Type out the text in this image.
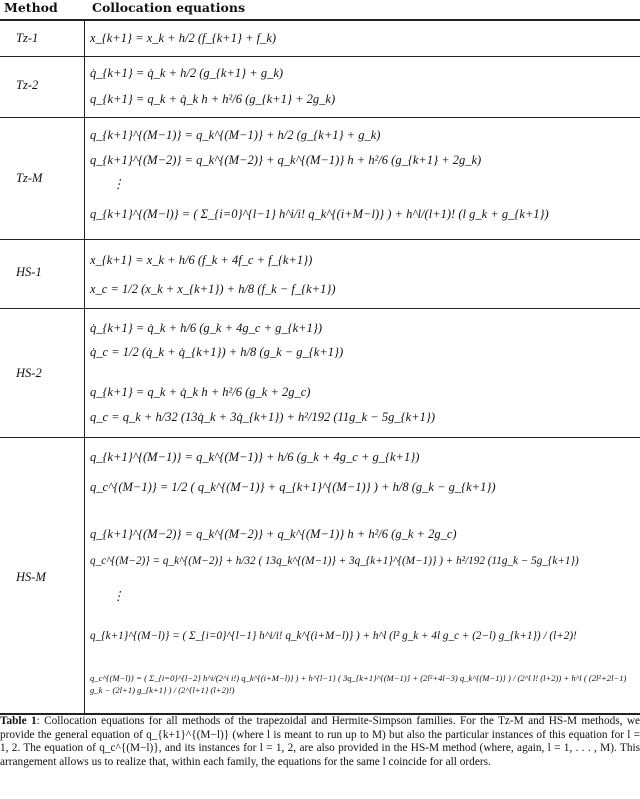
Method	Collocation equations
Tz-1
Tz-2
Tz-M
HS-1
HS-2
HS-M
x_{k+1} = x_k + h/2 (f_{k+1} + f_k)
q̇_{k+1} = q̇_k + h/2 (g_{k+1} + g_k)
q_{k+1} = q_k + q̇_k h + h²/6 (g_{k+1} + 2g_k)
q_{k+1}^{(M−1)} = q_k^{(M−1)} + h/2 (g_{k+1} + g_k)
q_{k+1}^{(M−2)} = q_k^{(M−2)} + q_k^{(M−1)} h + h²/6 (g_{k+1} + 2g_k)
⋮
q_{k+1}^{(M−l)} = ( Σ_{i=0}^{l−1} h^i/i! q_k^{(i+M−l)} ) + h^l/(l+1)! (l g_k + g_{k+1})
x_{k+1} = x_k + h/6 (f_k + 4f_c + f_{k+1})
x_c = 1/2 (x_k + x_{k+1}) + h/8 (f_k − f_{k+1})
q̇_{k+1} = q̇_k + h/6 (g_k + 4g_c + g_{k+1})
q̇_c = 1/2 (q̇_k + q̇_{k+1}) + h/8 (g_k − g_{k+1})
q_{k+1} = q_k + q̇_k h + h²/6 (g_k + 2g_c)
q_c = q_k + h/32 (13q̇_k + 3q̇_{k+1}) + h²/192 (11g_k − 5g_{k+1})
q_{k+1}^{(M−1)} = q_k^{(M−1)} + h/6 (g_k + 4g_c + g_{k+1})
q_c^{(M−1)} = 1/2 ( q_k^{(M−1)} + q_{k+1}^{(M−1)} ) + h/8 (g_k − g_{k+1})
q_{k+1}^{(M−2)} = q_k^{(M−2)} + q_k^{(M−1)} h + h²/6 (g_k + 2g_c)
q_c^{(M−2)} = q_k^{(M−2)} + h/32 ( 13q_k^{(M−1)} + 3q_{k+1}^{(M−1)} ) + h²/192 (11g_k − 5g_{k+1})
⋮
q_{k+1}^{(M−l)} = ( Σ_{i=0}^{l−1} h^i/i! q_k^{(i+M−l)} ) + h^l (l² g_k + 4l g_c + (2−l) g_{k+1}) / (l+2)!
q_c^{(M−l)} = ( Σ_{i=0}^{l−2} h^i/(2^i i!) q_k^{(i+M−l)} ) + h^{l−1} ( 3q_{k+1}^{(M−1)} + (2l²+4l−3) q_k^{(M−1)} ) / (2^l l! (l+2)) + h^l ( (2l²+2l−1) g_k − (2l+1) g_{k+1} ) / (2^{l+1} (l+2)!)
Table 1: Collocation equations for all methods of the trapezoidal and Hermite-Simpson families. For the Tz-M and HS-M methods, we provide the general equation of q_{k+1}^{(M−l)} (where l is meant to run up to M) but also the particular instances of this equation for l = 1, 2. The equation of q_c^{(M−l)}, and its instances for l = 1, 2, are also provided in the HS-M method (where, again, l = 1, . . . , M). This arrangement allows us to realize that, within each family, the equations for the same l coincide for all orders.
